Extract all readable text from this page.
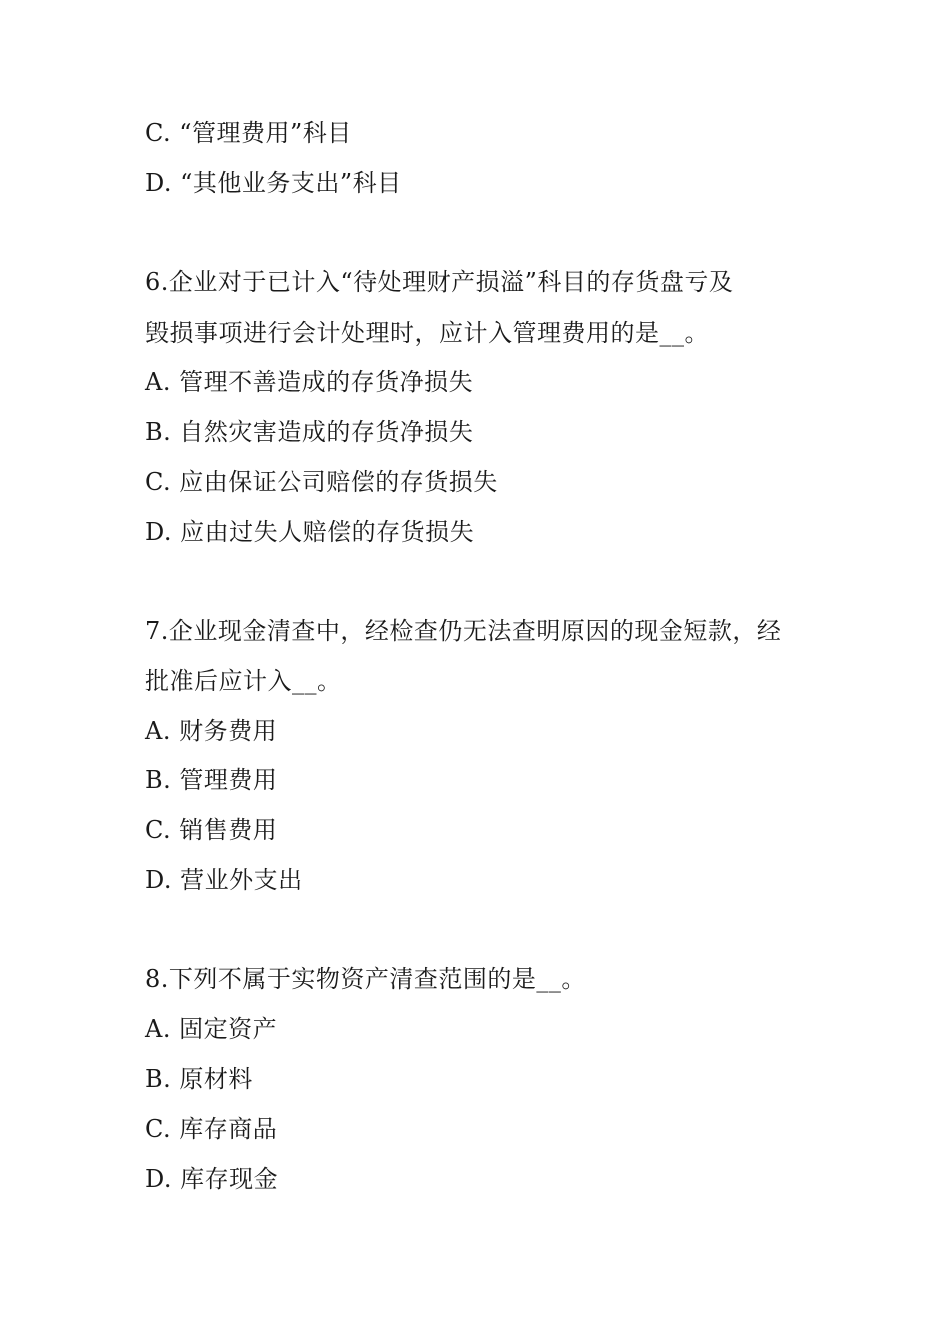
C. “管理费用”科目
D. “其他业务支出”科目
6.企业对于已计入“待处理财产损溢”科目的存货盘亏及
毁损事项进行会计处理时，应计入管理费用的是__。
A. 管理不善造成的存货净损失
B. 自然灾害造成的存货净损失
C. 应由保证公司赔偿的存货损失
D. 应由过失人赔偿的存货损失
7.企业现金清查中，经检查仍无法查明原因的现金短款，经
批准后应计入__。
A. 财务费用
B. 管理费用
C. 销售费用
D. 营业外支出
8.下列不属于实物资产清查范围的是__。
A. 固定资产
B. 原材料
C. 库存商品
D. 库存现金
